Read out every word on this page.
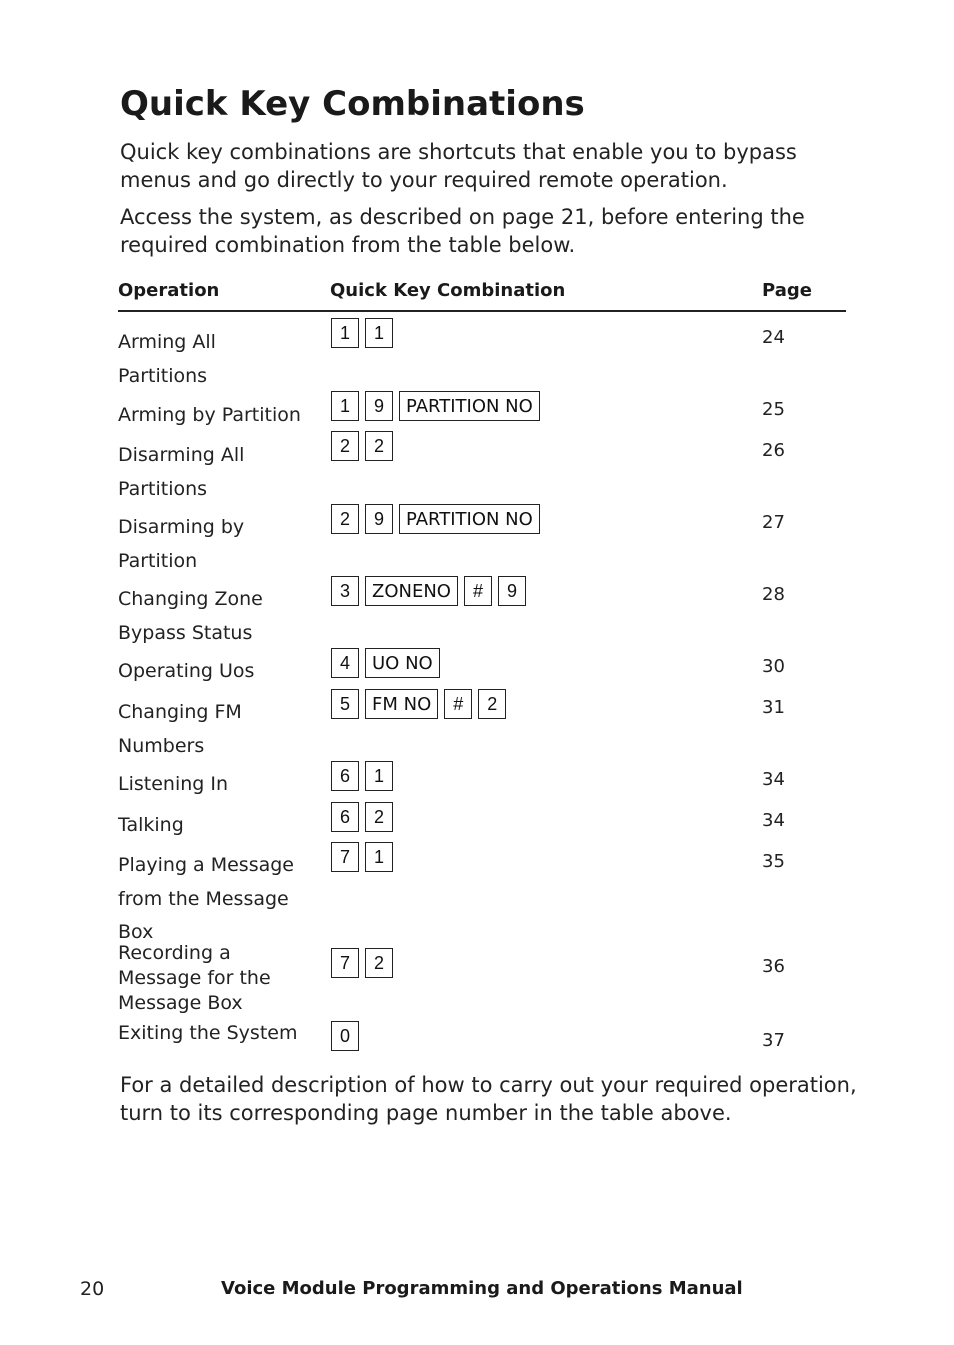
Quick Key Combinations

Quick key combinations are shortcuts that enable you to bypass menus and go directly to your required remote operation.

Access the system, as described on page 21, before entering the required combination from the table below.

Operation	Quick Key Combination	Page
Arming All
Partitions
1	1	24
Arming by Partition	1	9	PARTITION NO	25
Disarming All
Partitions
2	2	26
Disarming by
Partition
2	9	PARTITION NO	27
Changing Zone
Bypass Status
3	ZONENO	#	9	28
Operating Uos	4	UO NO	30
Changing FM
Numbers
5	FM NO	#	2	31
Listening In	6	1	34
Talking	6	2	34
Playing a Message
from the Message
Box
7	1	35
Recording a
Message for the
Message Box
7	2	36
Exiting the System	0	37

For a detailed description of how to carry out your required operation, turn to its corresponding page number in the table above.

20	Voice Module Programming and Operations Manual
